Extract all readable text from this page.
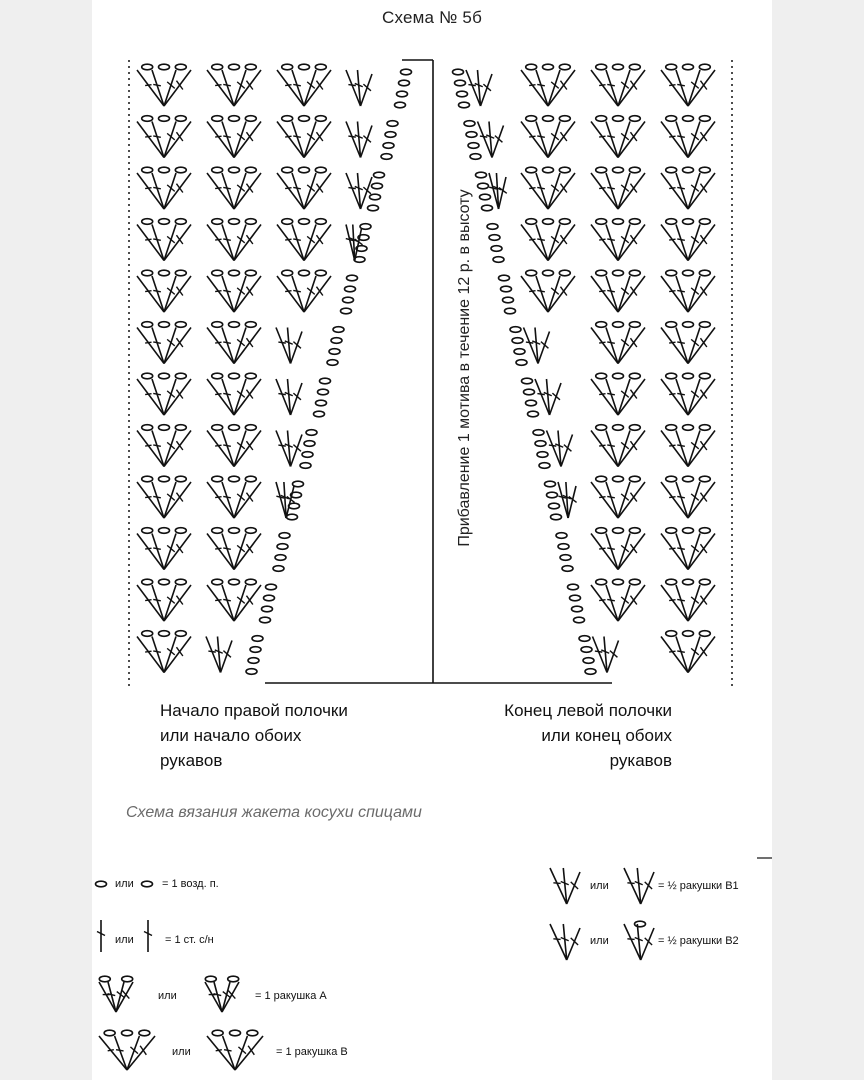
Схема № 5б
Прибавление 1 мотива в течение 12 р. в высоту
Начало правой полочки
или начало обоих
рукавов
Конец левой полочки
или конец обоих
рукавов
Схема вязания жакета косухи спицами
или	= 1 возд. п.
или	= 1 ст. с/н
или	= 1 ракушка А
или	= 1 ракушка В
или	= ½ ракушки В1
или	= ½ ракушки В2
